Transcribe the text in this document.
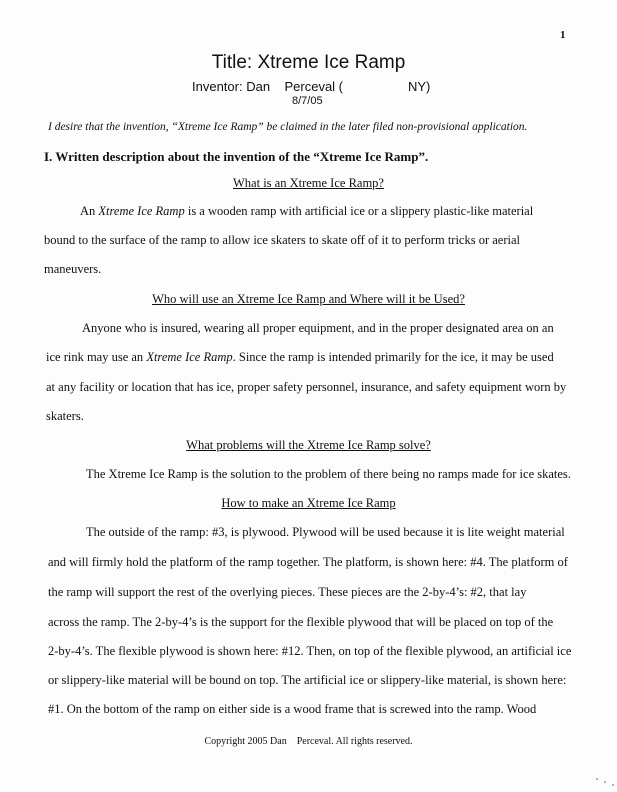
1
Title: Xtreme Ice Ramp
Inventor: Dan    Perceval (	NY)
8/7/05
I desire that the invention, “Xtreme Ice Ramp” be claimed in the later filed non-provisional application.
I. Written description about the invention of the “Xtreme Ice Ramp”.
What is an Xtreme Ice Ramp?
An Xtreme Ice Ramp is a wooden ramp with artificial ice or a slippery plastic-like material
bound to the surface of the ramp to allow ice skaters to skate off of it to perform tricks or aerial
maneuvers.
Who will use an Xtreme Ice Ramp and Where will it be Used?
Anyone who is insured, wearing all proper equipment, and in the proper designated area on an
ice rink may use an Xtreme Ice Ramp. Since the ramp is intended primarily for the ice, it may be used
at any facility or location that has ice, proper safety personnel, insurance, and safety equipment worn by
skaters.
What problems will the Xtreme Ice Ramp solve?
The Xtreme Ice Ramp is the solution to the problem of there being no ramps made for ice skates.
How to make an Xtreme Ice Ramp
The outside of the ramp: #3, is plywood. Plywood will be used because it is lite weight material
and will firmly hold the platform of the ramp together. The platform, is shown here: #4. The platform of
the ramp will support the rest of the overlying pieces. These pieces are the 2-by-4’s: #2, that lay
across the ramp. The 2-by-4’s is the support for the flexible plywood that will be placed on top of the
2-by-4’s. The flexible plywood is shown here: #12. Then, on top of the flexible plywood, an artificial ice
or slippery-like material will be bound on top. The artificial ice or slippery-like material, is shown here:
#1. On the bottom of the ramp on either side is a wood frame that is screwed into the ramp. Wood
Copyright 2005 Dan    Perceval. All rights reserved.
